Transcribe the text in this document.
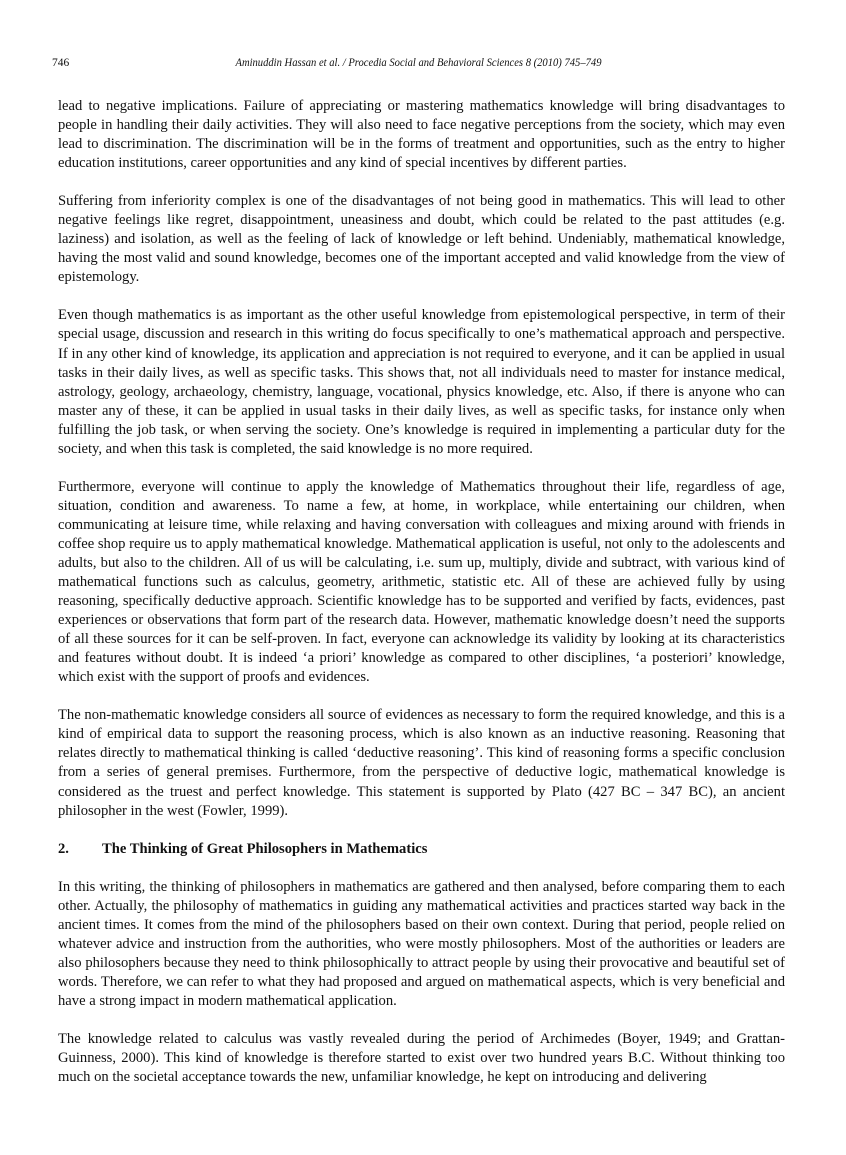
746	Aminuddin Hassan et al. / Procedia Social and Behavioral Sciences 8 (2010) 745–749

lead to negative implications. Failure of appreciating or mastering mathematics knowledge will bring disadvantages to people in handling their daily activities. They will also need to face negative perceptions from the society, which may even lead to discrimination. The discrimination will be in the forms of treatment and opportunities, such as the entry to higher education institutions, career opportunities and any kind of special incentives by different parties.

Suffering from inferiority complex is one of the disadvantages of not being good in mathematics. This will lead to other negative feelings like regret, disappointment, uneasiness and doubt, which could be related to the past attitudes (e.g. laziness) and isolation, as well as the feeling of lack of knowledge or left behind. Undeniably, mathematical knowledge, having the most valid and sound knowledge, becomes one of the important accepted and valid knowledge from the view of epistemology.

Even though mathematics is as important as the other useful knowledge from epistemological perspective, in term of their special usage, discussion and research in this writing do focus specifically to one’s mathematical approach and perspective. If in any other kind of knowledge, its application and appreciation is not required to everyone, and it can be applied in usual tasks in their daily lives, as well as specific tasks. This shows that, not all individuals need to master for instance medical, astrology, geology, archaeology, chemistry, language, vocational, physics knowledge, etc. Also, if there is anyone who can master any of these, it can be applied in usual tasks in their daily lives, as well as specific tasks, for instance only when fulfilling the job task, or when serving the society. One’s knowledge is required in implementing a particular duty for the society, and when this task is completed, the said knowledge is no more required.

Furthermore, everyone will continue to apply the knowledge of Mathematics throughout their life, regardless of age, situation, condition and awareness. To name a few, at home, in workplace, while entertaining our children, when communicating at leisure time, while relaxing and having conversation with colleagues and mixing around with friends in coffee shop require us to apply mathematical knowledge. Mathematical application is useful, not only to the adolescents and adults, but also to the children. All of us will be calculating, i.e. sum up, multiply, divide and subtract, with various kind of mathematical functions such as calculus, geometry, arithmetic, statistic etc. All of these are achieved fully by using reasoning, specifically deductive approach. Scientific knowledge has to be supported and verified by facts, evidences, past experiences or observations that form part of the research data. However, mathematic knowledge doesn’t need the supports of all these sources for it can be self-proven. In fact, everyone can acknowledge its validity by looking at its characteristics and features without doubt. It is indeed ‘a priori’ knowledge as compared to other disciplines, ‘a posteriori’ knowledge, which exist with the support of proofs and evidences.

The non-mathematic knowledge considers all source of evidences as necessary to form the required knowledge, and this is a kind of empirical data to support the reasoning process, which is also known as an inductive reasoning. Reasoning that relates directly to mathematical thinking is called ‘deductive reasoning’. This kind of reasoning forms a specific conclusion from a series of general premises. Furthermore, from the perspective of deductive logic, mathematical knowledge is considered as the truest and perfect knowledge. This statement is supported by Plato (427 BC – 347 BC), an ancient philosopher in the west (Fowler, 1999).

2.	The Thinking of Great Philosophers in Mathematics

In this writing, the thinking of philosophers in mathematics are gathered and then analysed, before comparing them to each other. Actually, the philosophy of mathematics in guiding any mathematical activities and practices started way back in the ancient times. It comes from the mind of the philosophers based on their own context. During that period, people relied on whatever advice and instruction from the authorities, who were mostly philosophers. Most of the authorities or leaders are also philosophers because they need to think philosophically to attract people by using their provocative and beautiful set of words. Therefore, we can refer to what they had proposed and argued on mathematical aspects, which is very beneficial and have a strong impact in modern mathematical application.

The knowledge related to calculus was vastly revealed during the period of Archimedes (Boyer, 1949; and Grattan-Guinness, 2000). This kind of knowledge is therefore started to exist over two hundred years B.C. Without thinking too much on the societal acceptance towards the new, unfamiliar knowledge, he kept on introducing and delivering
